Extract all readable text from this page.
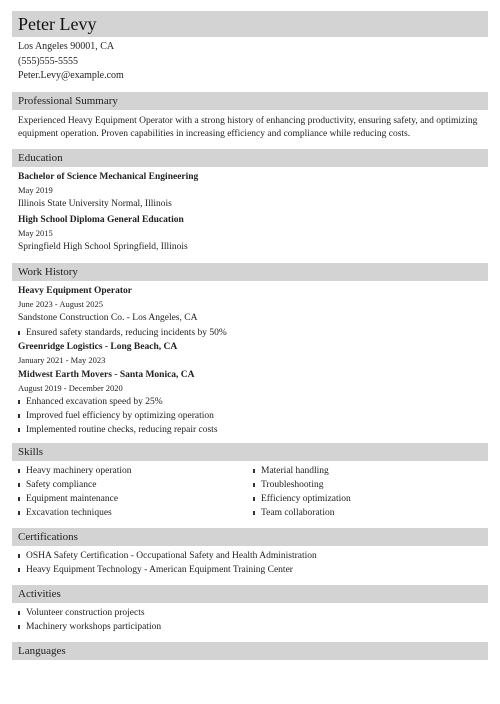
Peter Levy
Los Angeles 90001, CA
(555)555-5555
Peter.Levy@example.com
Professional Summary
Experienced Heavy Equipment Operator with a strong history of enhancing productivity, ensuring safety, and optimizing equipment operation. Proven capabilities in increasing efficiency and compliance while reducing costs.
Education
Bachelor of Science Mechanical Engineering
May 2019
Illinois State University Normal, Illinois
High School Diploma General Education
May 2015
Springfield High School Springfield, Illinois
Work History
Heavy Equipment Operator
June 2023 - August 2025
Sandstone Construction Co. - Los Angeles, CA
Ensured safety standards, reducing incidents by 50%
Greenridge Logistics - Long Beach, CA
January 2021 - May 2023
Midwest Earth Movers - Santa Monica, CA
August 2019 - December 2020
Enhanced excavation speed by 25%
Improved fuel efficiency by optimizing operation
Implemented routine checks, reducing repair costs
Skills
Heavy machinery operation
Safety compliance
Equipment maintenance
Excavation techniques
Material handling
Troubleshooting
Efficiency optimization
Team collaboration
Certifications
OSHA Safety Certification - Occupational Safety and Health Administration
Heavy Equipment Technology - American Equipment Training Center
Activities
Volunteer construction projects
Machinery workshops participation
Languages
